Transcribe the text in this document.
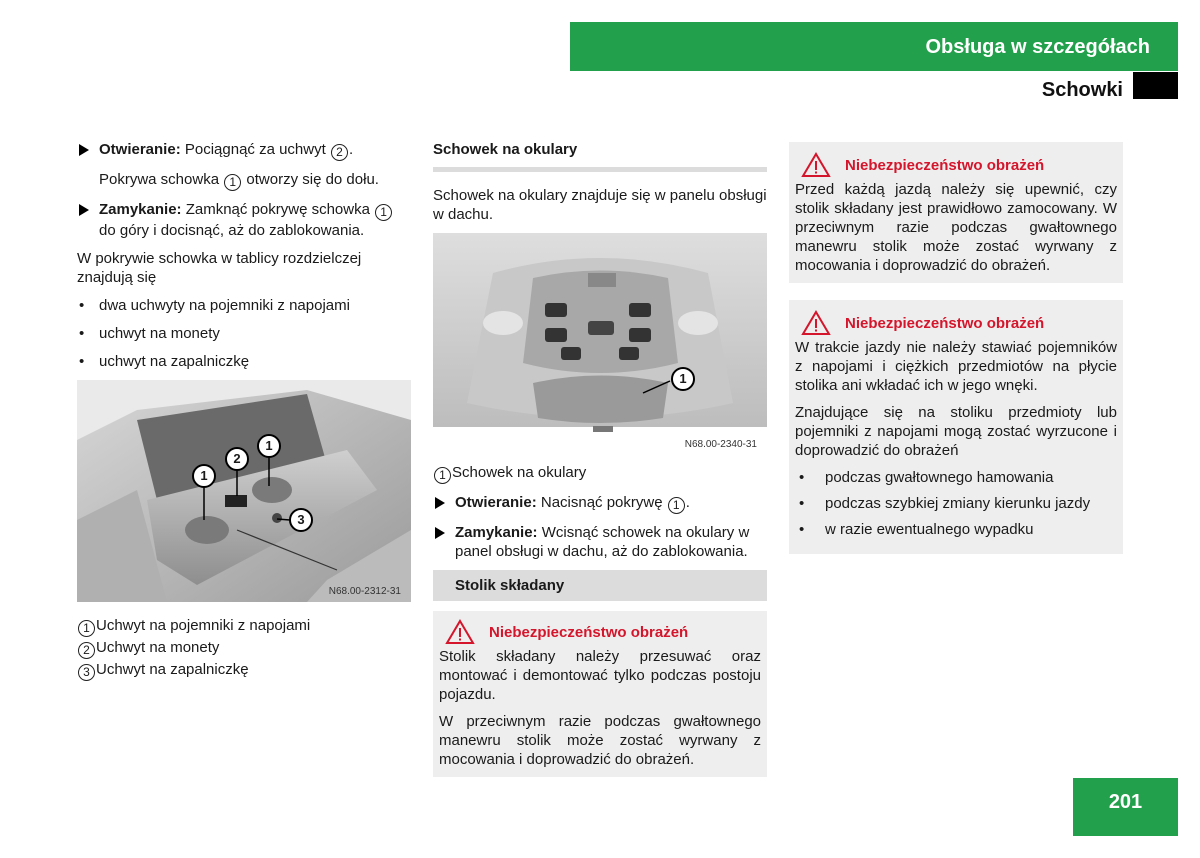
Obsługa w szczegółach
Schowki
Otwieranie: Pociągnąć za uchwyt 2 .

Pokrywa schowka 1 otworzy się do dołu.

Zamykanie: Zamknąć pokrywę schowka 1 do góry i docisnąć, aż do zablokowania.

W pokrywie schowka w tablicy rozdzielczej znajdują się

• dwa uchwyty na pojemniki z napojami
• uchwyt na monety
• uchwyt na zapalniczkę
1
2
1
3
N68.00-2312-31
1 Uchwyt na pojemniki z napojami
2 Uchwyt na monety
3 Uchwyt na zapalniczkę
Schowek na okulary

Schowek na okulary znajduje się w panelu obsługi w dachu.

1
N68.00-2340-31
1 Schowek na okulary
Otwieranie: Nacisnąć pokrywę 1 .
Zamykanie: Wcisnąć schowek na okulary w panel obsługi w dachu, aż do zablokowania.
Stolik składany
Niebezpieczeństwo obrażeń

Stolik składany należy przesuwać oraz montować i demontować tylko podczas postoju pojazdu.

W przeciwnym razie podczas gwałtownego manewru stolik może zostać wyrwany z mocowania i doprowadzić do obrażeń.

Niebezpieczeństwo obrażeń

Przed każdą jazdą należy się upewnić, czy stolik składany jest prawidłowo zamocowany. W przeciwnym razie podczas gwałtownego manewru stolik może zostać wyrwany z mocowania i doprowadzić do obrażeń.

Niebezpieczeństwo obrażeń

W trakcie jazdy nie należy stawiać pojemników z napojami i ciężkich przedmiotów na płycie stolika ani wkładać ich w jego wnęki.

Znajdujące się na stoliku przedmioty lub pojemniki z napojami mogą zostać wyrzucone i doprowadzić do obrażeń

• podczas gwałtownego hamowania
• podczas szybkiej zmiany kierunku jazdy
• w razie ewentualnego wypadku
201
